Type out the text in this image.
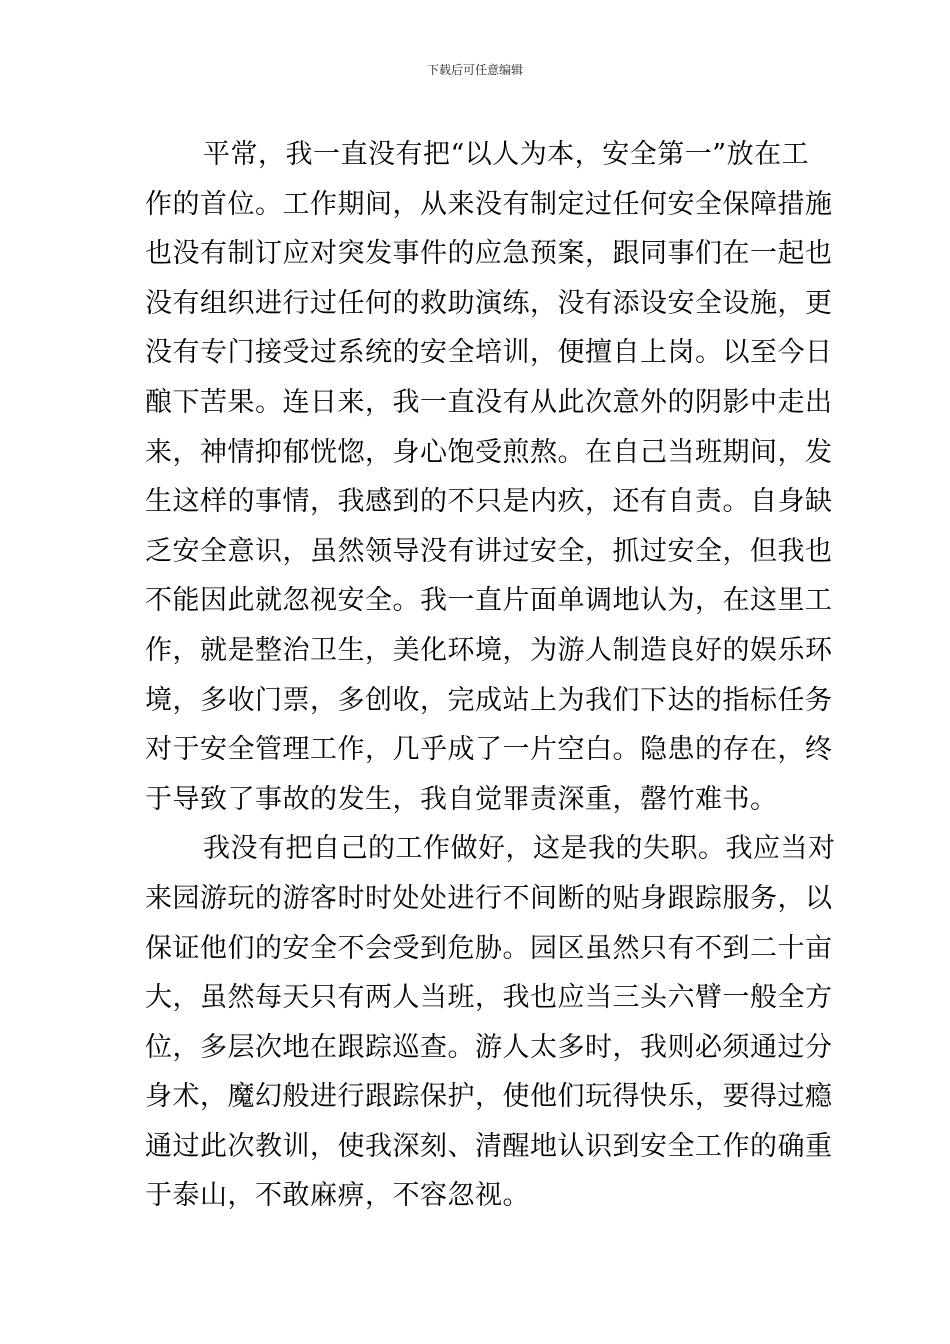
下载后可任意编辑
平常，我一直没有把“以人为本，安全第一”放在工
作的首位。工作期间，从来没有制定过任何安全保障措施
也没有制订应对突发事件的应急预案，跟同事们在一起也
没有组织进行过任何的救助演练，没有添设安全设施，更
没有专门接受过系统的安全培训，便擅自上岗。以至今日
酿下苦果。连日来，我一直没有从此次意外的阴影中走出
来，神情抑郁恍惚，身心饱受煎熬。在自己当班期间，发
生这样的事情，我感到的不只是内疚，还有自责。自身缺
乏安全意识，虽然领导没有讲过安全，抓过安全，但我也
不能因此就忽视安全。我一直片面单调地认为，在这里工
作，就是整治卫生，美化环境，为游人制造良好的娱乐环
境，多收门票，多创收，完成站上为我们下达的指标任务
对于安全管理工作，几乎成了一片空白。隐患的存在，终
于导致了事故的发生，我自觉罪责深重，罄竹难书。
我没有把自己的工作做好，这是我的失职。我应当对
来园游玩的游客时时处处进行不间断的贴身跟踪服务，以
保证他们的安全不会受到危胁。园区虽然只有不到二十亩
大，虽然每天只有两人当班，我也应当三头六臂一般全方
位，多层次地在跟踪巡查。游人太多时，我则必须通过分
身术，魔幻般进行跟踪保护，使他们玩得快乐，要得过瘾
通过此次教训，使我深刻、清醒地认识到安全工作的确重
于泰山，不敢麻痹，不容忽视。
